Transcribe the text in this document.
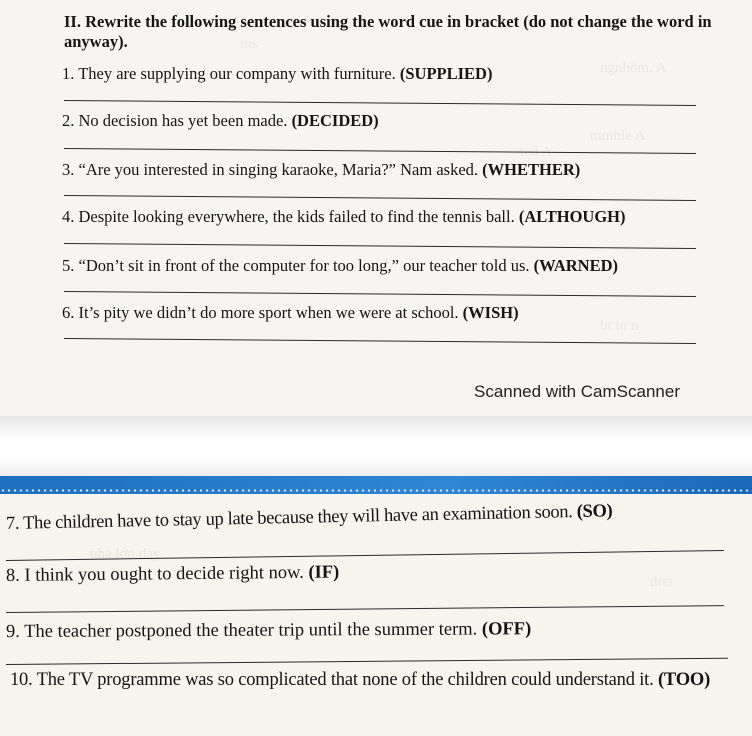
ms
ngnhóm. A
mmble A
bt in n
II. Rewrite the following sentences using the word cue in bracket (do not change the word in anyway).
1. They are supplying our company with furniture. (SUPPLIED)
2. No decision has yet been made. (DECIDED)
3. “Are you interested in singing karaoke, Maria?” Nam asked. (WHETHER)
4. Despite looking everywhere, the kids failed to find the tennis ball. (ALTHOUGH)
5. “Don’t sit in front of the computer for too long,” our teacher told us. (WARNED)
6. It’s pity we didn’t do more sport when we were at school. (WISH)
Scanned with CamScanner
nhà lớn dạy
dret
7. The children have to stay up late because they will have an examination soon. (SO)
8. I think you ought to decide right now. (IF)
9. The teacher postponed the theater trip until the summer term. (OFF)
10. The TV programme was so complicated that none of the children could understand it. (TOO)
